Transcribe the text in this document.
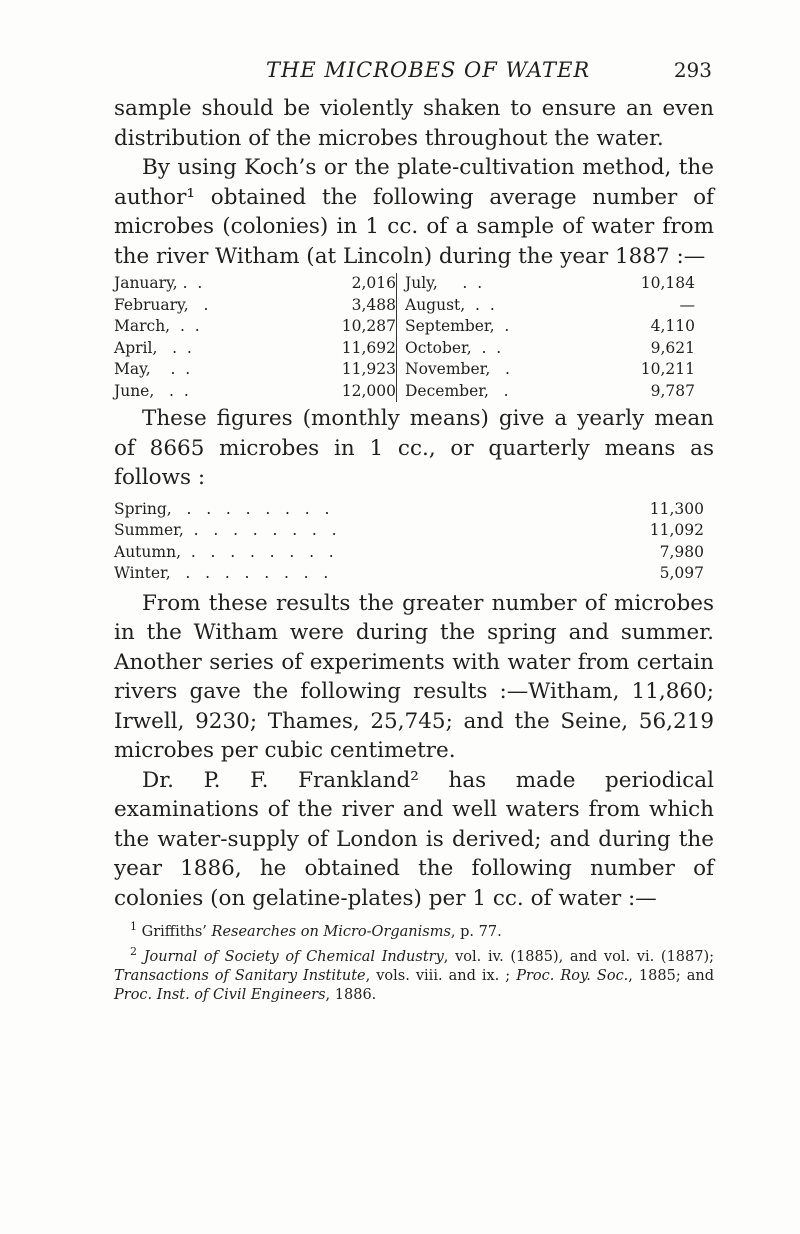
THE MICROBES OF WATER	293

sample should be violently shaken to ensure an even distribution of the microbes throughout the water.

By using Koch’s or the plate-cultivation method, the author¹ obtained the following average number of microbes (colonies) in 1 cc. of a sample of water from the river Witham (at Lincoln) during the year 1887 :—

January, .  .	2,016
February,   .	3,488
March,  .  .	10,287
April,   .  .	11,692
May,    .  .	11,923
June,   .  .	12,000
July,     .  .	10,184
August,  .  .	—
September,  .	4,110
October,  .  .	9,621
November,   .	10,211
December,   .	9,787

These figures (monthly means) give a yearly mean of 8665 microbes in 1 cc., or quarterly means as follows :

Spring,   .   .   .   .   .   .   .   .	11,300
Summer,  .   .   .   .   .   .   .   .	11,092
Autumn,  .   .   .   .   .   .   .   .	7,980
Winter,   .   .   .   .   .   .   .   .	5,097

From these results the greater number of microbes in the Witham were during the spring and summer. Another series of experiments with water from certain rivers gave the following results :—Witham, 11,860; Irwell, 9230; Thames, 25,745; and the Seine, 56,219 microbes per cubic centimetre.

Dr. P. F. Frankland² has made periodical examinations of the river and well waters from which the water-supply of London is derived; and during the year 1886, he obtained the following number of colonies (on gelatine-plates) per 1 cc. of water :—

$^1$ Griffiths’ Researches on Micro-Organisms, p. 77.

$^2$ Journal of Society of Chemical Industry, vol. iv. (1885), and vol. vi. (1887); Transactions of Sanitary Institute, vols. viii. and ix. ; Proc. Roy. Soc., 1885; and Proc. Inst. of Civil Engineers, 1886.
